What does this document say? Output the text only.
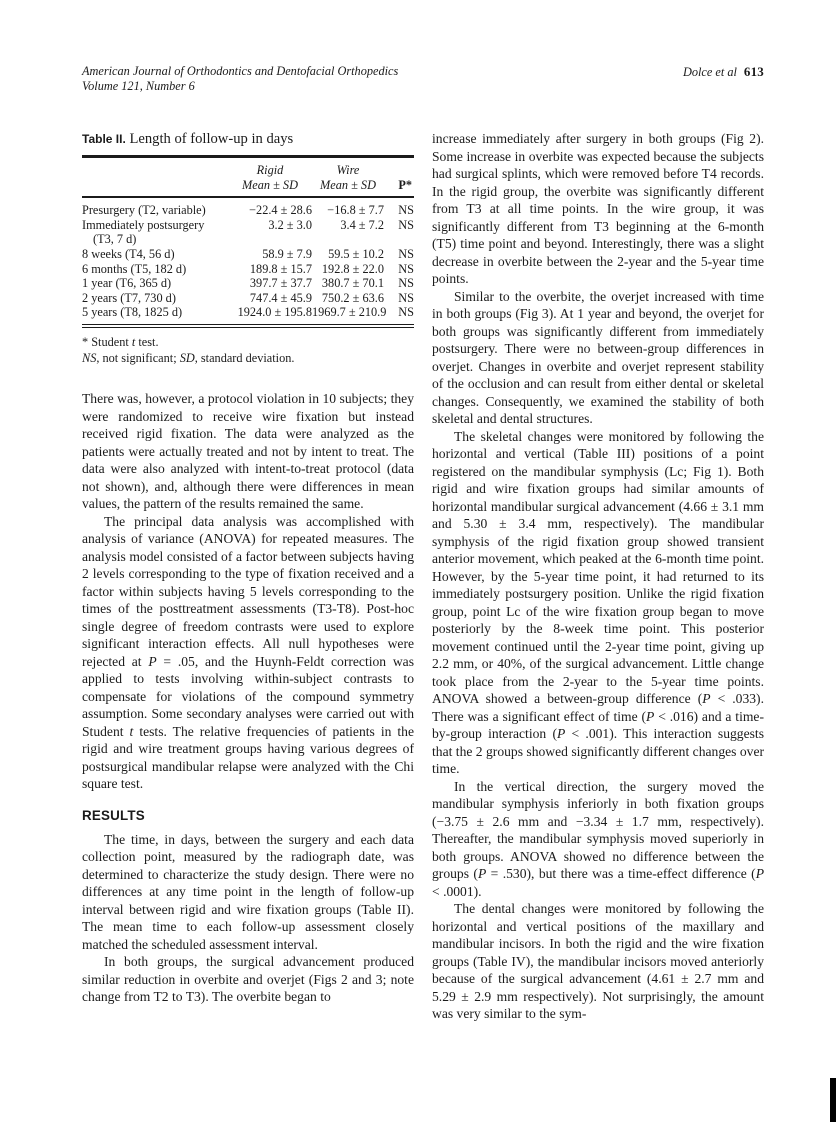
American Journal of Orthodontics and Dentofacial Orthopedics
Volume 121, Number 6
Dolce et al 613

Table II. Length of follow-up in days

	Rigid	Wire	
	Mean ± SD	Mean ± SD	P*
Presurgery (T2, variable)	−22.4 ± 28.6	−16.8 ± 7.7	NS
Immediately postsurgery
(T3, 7 d)	3.2 ± 3.0	3.4 ± 7.2	NS
8 weeks (T4, 56 d)	58.9 ± 7.9	59.5 ± 10.2	NS
6 months (T5, 182 d)	189.8 ± 15.7	192.8 ± 22.0	NS
1 year (T6, 365 d)	397.7 ± 37.7	380.7 ± 70.1	NS
2 years (T7, 730 d)	747.4 ± 45.9	750.2 ± 63.6	NS
5 years (T8, 1825 d)	1924.0 ± 195.8	1969.7 ± 210.9	NS

* Student t test.

NS, not significant; SD, standard deviation.

There was, however, a protocol violation in 10 subjects; they were randomized to receive wire fixation but instead received rigid fixation. The data were analyzed as the patients were actually treated and not by intent to treat. The data were also analyzed with intent-to-treat protocol (data not shown), and, although there were differences in mean values, the pattern of the results remained the same.

The principal data analysis was accomplished with analysis of variance (ANOVA) for repeated measures. The analysis model consisted of a factor between subjects having 2 levels corresponding to the type of fixation received and a factor within subjects having 5 levels corresponding to the times of the posttreatment assessments (T3-T8). Post-hoc single degree of freedom contrasts were used to explore significant interaction effects. All null hypotheses were rejected at P = .05, and the Huynh-Feldt correction was applied to tests involving within-subject contrasts to compensate for violations of the compound symmetry assumption. Some secondary analyses were carried out with Student t tests. The relative frequencies of patients in the rigid and wire treatment groups having various degrees of postsurgical mandibular relapse were analyzed with the Chi square test.

RESULTS

The time, in days, between the surgery and each data collection point, measured by the radiograph date, was determined to characterize the study design. There were no differences at any time point in the length of follow-up interval between rigid and wire fixation groups (Table II). The mean time to each follow-up assessment closely matched the scheduled assessment interval.

In both groups, the surgical advancement produced similar reduction in overbite and overjet (Figs 2 and 3; note change from T2 to T3). The overbite began to

increase immediately after surgery in both groups (Fig 2). Some increase in overbite was expected because the subjects had surgical splints, which were removed before T4 records. In the rigid group, the overbite was significantly different from T3 at all time points. In the wire group, it was significantly different from T3 beginning at the 6-month (T5) time point and beyond. Interestingly, there was a slight decrease in overbite between the 2-year and the 5-year time points.

Similar to the overbite, the overjet increased with time in both groups (Fig 3). At 1 year and beyond, the overjet for both groups was significantly different from immediately postsurgery. There were no between-group differences in overjet. Changes in overbite and overjet represent stability of the occlusion and can result from either dental or skeletal changes. Consequently, we examined the stability of both skeletal and dental structures.

The skeletal changes were monitored by following the horizontal and vertical (Table III) positions of a point registered on the mandibular symphysis (Lc; Fig 1). Both rigid and wire fixation groups had similar amounts of horizontal mandibular surgical advancement (4.66 ± 3.1 mm and 5.30 ± 3.4 mm, respectively). The mandibular symphysis of the rigid fixation group showed transient anterior movement, which peaked at the 6-month time point. However, by the 5-year time point, it had returned to its immediately postsurgery position. Unlike the rigid fixation group, point Lc of the wire fixation group began to move posteriorly by the 8-week time point. This posterior movement continued until the 2-year time point, giving up 2.2 mm, or 40%, of the surgical advancement. Little change took place from the 2-year to the 5-year time points. ANOVA showed a between-group difference (P < .033). There was a significant effect of time (P < .016) and a time-by-group interaction (P < .001). This interaction suggests that the 2 groups showed significantly different changes over time.

In the vertical direction, the surgery moved the mandibular symphysis inferiorly in both fixation groups (−3.75 ± 2.6 mm and −3.34 ± 1.7 mm, respectively). Thereafter, the mandibular symphysis moved superiorly in both groups. ANOVA showed no difference between the groups (P = .530), but there was a time-effect difference (P < .0001).

The dental changes were monitored by following the horizontal and vertical positions of the maxillary and mandibular incisors. In both the rigid and the wire fixation groups (Table IV), the mandibular incisors moved anteriorly because of the surgical advancement (4.61 ± 2.7 mm and 5.29 ± 2.9 mm respectively). Not surprisingly, the amount was very similar to the sym-
